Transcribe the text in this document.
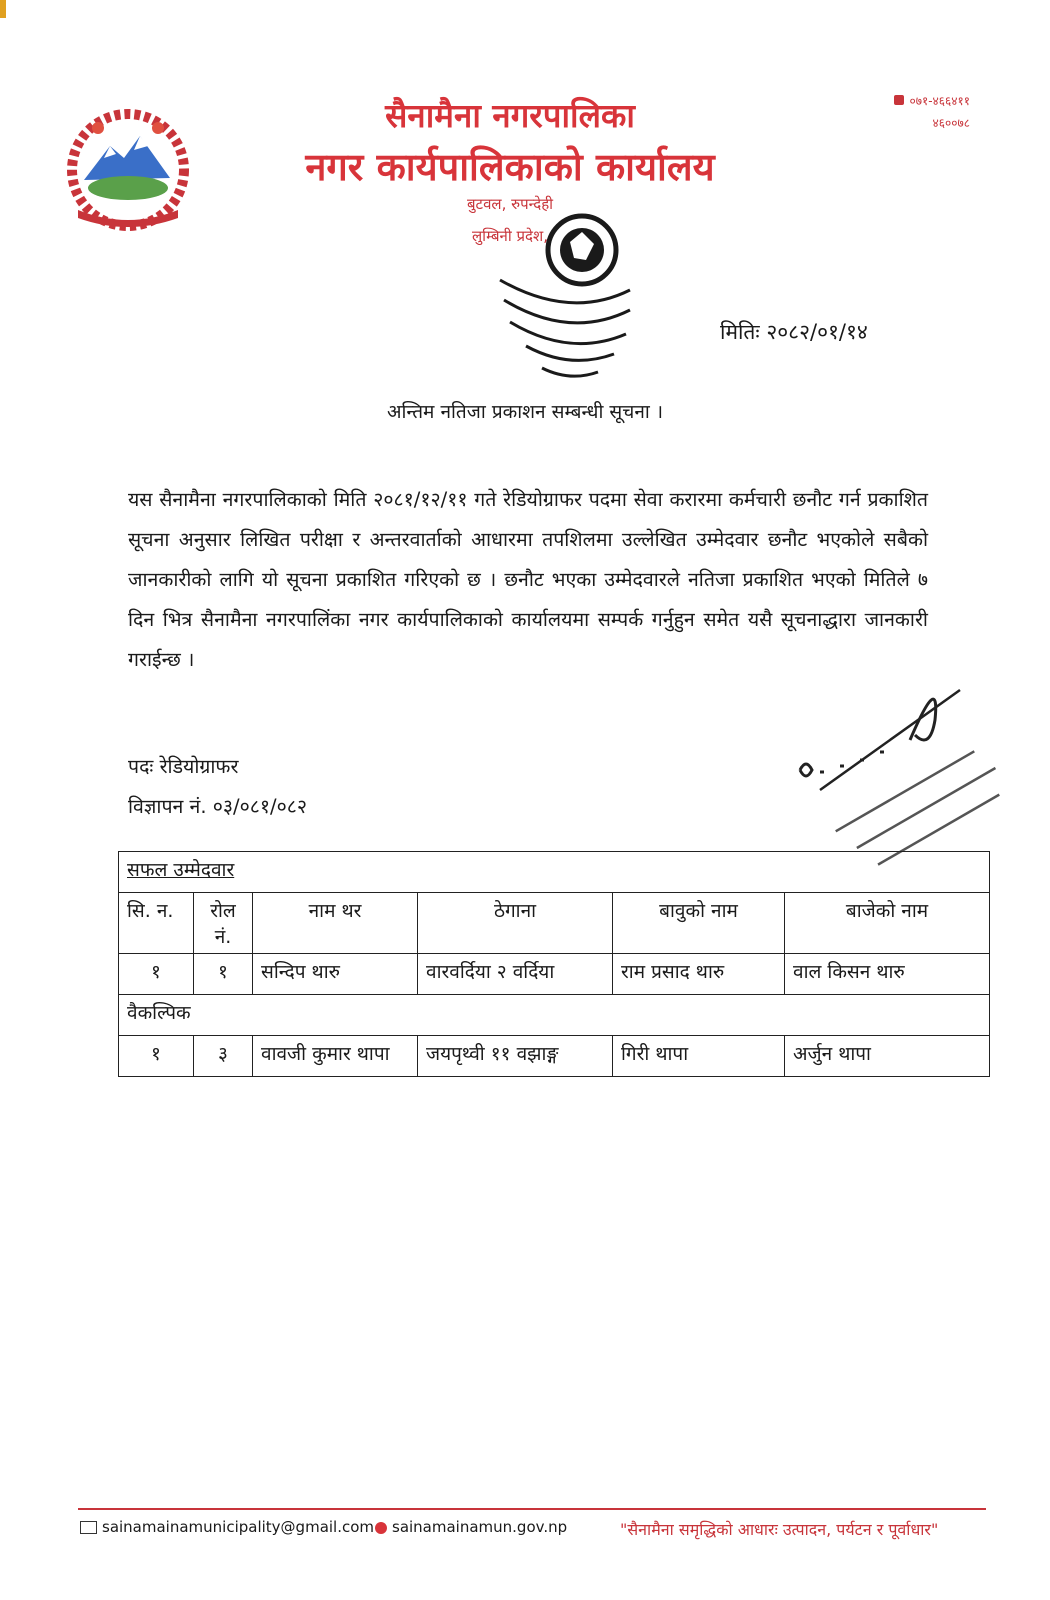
सैनामैना नगरपालिका
नगर कार्यपालिकाको कार्यालय
बुटवल, रुपन्देही
लुम्बिनी प्रदेश,
०७१-४६६४११
४६००७८
मितिः २०८२/०१/१४
अन्तिम नतिजा प्रकाशन सम्बन्धी सूचना ।
यस सैनामैना नगरपालिकाको मिति २०८१/१२/११ गते रेडियोग्राफर पदमा सेवा करारमा कर्मचारी छनौट गर्न प्रकाशित सूचना अनुसार लिखित परीक्षा र अन्तरवार्ताको आधारमा तपशिलमा उल्लेखित उम्मेदवार छनौट भएकोले सबैको जानकारीको लागि यो सूचना प्रकाशित गरिएको छ । छनौट भएका उम्मेदवारले नतिजा प्रकाशित भएको मितिले ७ दिन भित्र सैनामैना नगरपालिंका नगर कार्यपालिकाको कार्यालयमा सम्पर्क गर्नुहुन समेत यसै सूचनाद्धारा जानकारी गराईन्छ ।
पदः रेडियोग्राफर
विज्ञापन नं. ०३/०८१/०८२
सफल उम्मेदवार					
सि. न.	रोल नं.	नाम थर	ठेगाना	बावुको नाम	बाजेको नाम
१	१	सन्दिप थारु	वारवर्दिया २ वर्दिया	राम प्रसाद थारु	वाल किसन थारु
वैकल्पिक					
१	३	वावजी कुमार थापा	जयपृथ्वी ११ वझाङ्ग	गिरी थापा	अर्जुन थापा
sainamainamunicipality@gmail.com	sainamainamun.gov.np	"सैनामैना समृद्धिको आधारः उत्पादन, पर्यटन र पूर्वाधार"
